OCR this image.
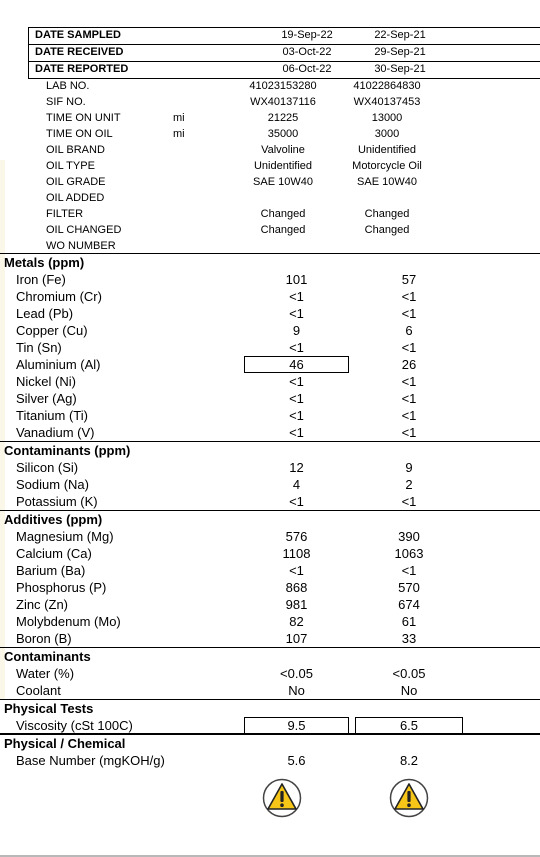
DATE SAMPLED	19-Sep-22	22-Sep-21
DATE RECEIVED	03-Oct-22	29-Sep-21
DATE REPORTED	06-Oct-22	30-Sep-21
LAB NO.	41023153280	41022864830
SIF NO.	WX40137116	WX40137453
TIME ON UNIT	mi	21225	13000
TIME ON OIL	mi	35000	3000
OIL BRAND	Valvoline	Unidentified
OIL TYPE	Unidentified	Motorcycle Oil
OIL GRADE	SAE 10W40	SAE 10W40
OIL ADDED
FILTER	Changed	Changed
OIL CHANGED	Changed	Changed
WO NUMBER
Metals (ppm)
Iron (Fe)	101	57
Chromium (Cr)	<1	<1
Lead (Pb)	<1	<1
Copper (Cu)	9	6
Tin (Sn)	<1	<1
Aluminium (Al)	46	26
Nickel (Ni)	<1	<1
Silver (Ag)	<1	<1
Titanium (Ti)	<1	<1
Vanadium (V)	<1	<1
Contaminants (ppm)
Silicon (Si)	12	9
Sodium (Na)	4	2
Potassium (K)	<1	<1
Additives (ppm)
Magnesium (Mg)	576	390
Calcium (Ca)	1108	1063
Barium (Ba)	<1	<1
Phosphorus (P)	868	570
Zinc (Zn)	981	674
Molybdenum (Mo)	82	61
Boron (B)	107	33
Contaminants
Water (%)	<0.05	<0.05
Coolant	No	No
Physical Tests
Viscosity (cSt 100C)	9.5	6.5
Physical / Chemical
Base Number (mgKOH/g)	5.6	8.2
